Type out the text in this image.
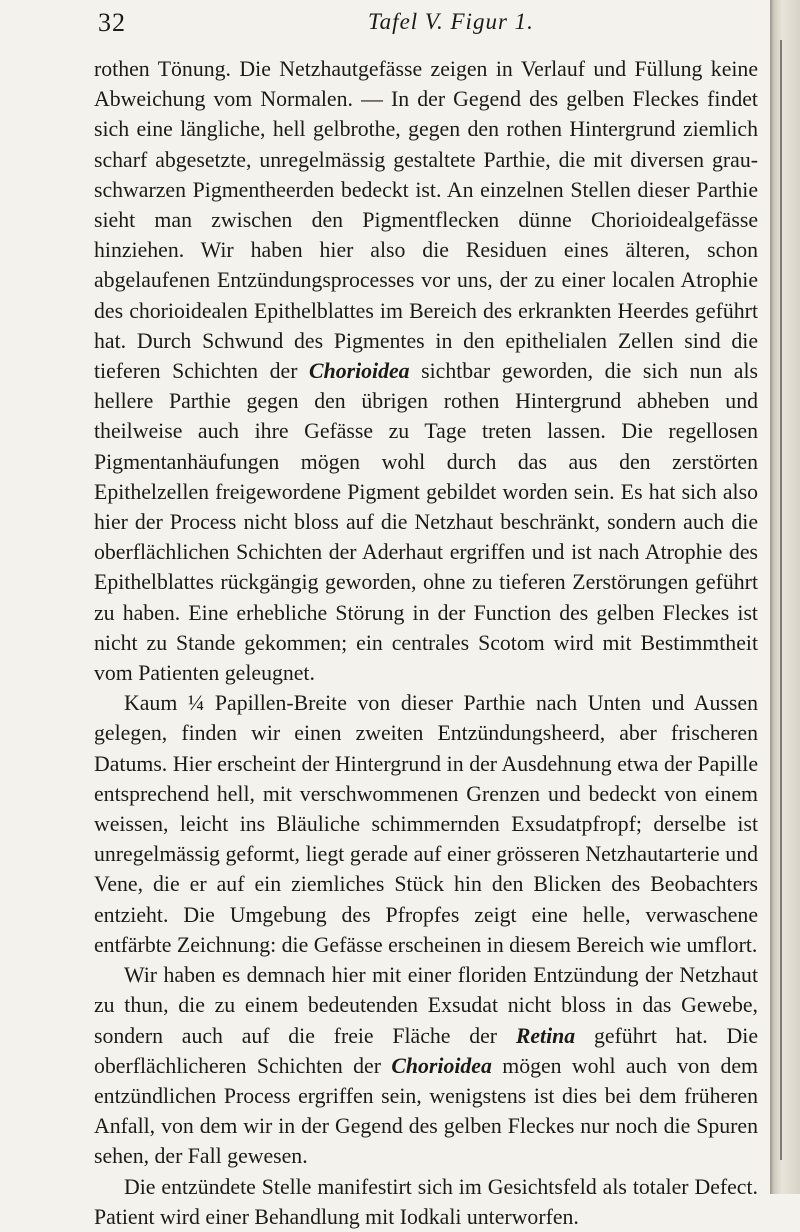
32	Tafel V. Figur 1.

rothen Tönung. Die Netzhautgefässe zeigen in Verlauf und Füllung keine Abweichung vom Normalen. — In der Gegend des gelben Fleckes findet sich eine längliche, hell gelbrothe, gegen den rothen Hintergrund ziemlich scharf abgesetzte, unregelmässig gestaltete Parthie, die mit diversen grau-schwarzen Pigmentheerden bedeckt ist. An einzelnen Stellen dieser Parthie sieht man zwischen den Pigmentflecken dünne Chorioidealgefässe hinziehen. Wir haben hier also die Residuen eines älteren, schon abgelaufenen Entzündungsprocesses vor uns, der zu einer localen Atrophie des chorioidealen Epithelblattes im Bereich des erkrankten Heerdes geführt hat. Durch Schwund des Pigmentes in den epithelialen Zellen sind die tieferen Schichten der Chorioidea sichtbar geworden, die sich nun als hellere Parthie gegen den übrigen rothen Hintergrund abheben und theilweise auch ihre Gefässe zu Tage treten lassen. Die regellosen Pigmentanhäufungen mögen wohl durch das aus den zerstörten Epithelzellen freigewordene Pigment gebildet worden sein. Es hat sich also hier der Process nicht bloss auf die Netzhaut beschränkt, sondern auch die oberflächlichen Schichten der Aderhaut ergriffen und ist nach Atrophie des Epithelblattes rückgängig geworden, ohne zu tieferen Zerstörungen geführt zu haben. Eine erhebliche Störung in der Function des gelben Fleckes ist nicht zu Stande gekommen; ein centrales Scotom wird mit Bestimmtheit vom Patienten geleugnet.

Kaum ¼ Papillen-Breite von dieser Parthie nach Unten und Aussen gelegen, finden wir einen zweiten Entzündungsheerd, aber frischeren Datums. Hier erscheint der Hintergrund in der Ausdehnung etwa der Papille entsprechend hell, mit verschwommenen Grenzen und bedeckt von einem weissen, leicht ins Bläuliche schimmernden Exsudatpfropf; derselbe ist unregelmässig geformt, liegt gerade auf einer grösseren Netzhautarterie und Vene, die er auf ein ziemliches Stück hin den Blicken des Beobachters entzieht. Die Umgebung des Pfropfes zeigt eine helle, verwaschene entfärbte Zeichnung: die Gefässe erscheinen in diesem Bereich wie umflort.

Wir haben es demnach hier mit einer floriden Entzündung der Netzhaut zu thun, die zu einem bedeutenden Exsudat nicht bloss in das Gewebe, sondern auch auf die freie Fläche der Retina geführt hat. Die oberflächlicheren Schichten der Chorioidea mögen wohl auch von dem entzündlichen Process ergriffen sein, wenigstens ist dies bei dem früheren Anfall, von dem wir in der Gegend des gelben Fleckes nur noch die Spuren sehen, der Fall gewesen.

Die entzündete Stelle manifestirt sich im Gesichtsfeld als totaler Defect. Patient wird einer Behandlung mit Iodkali unterworfen.
